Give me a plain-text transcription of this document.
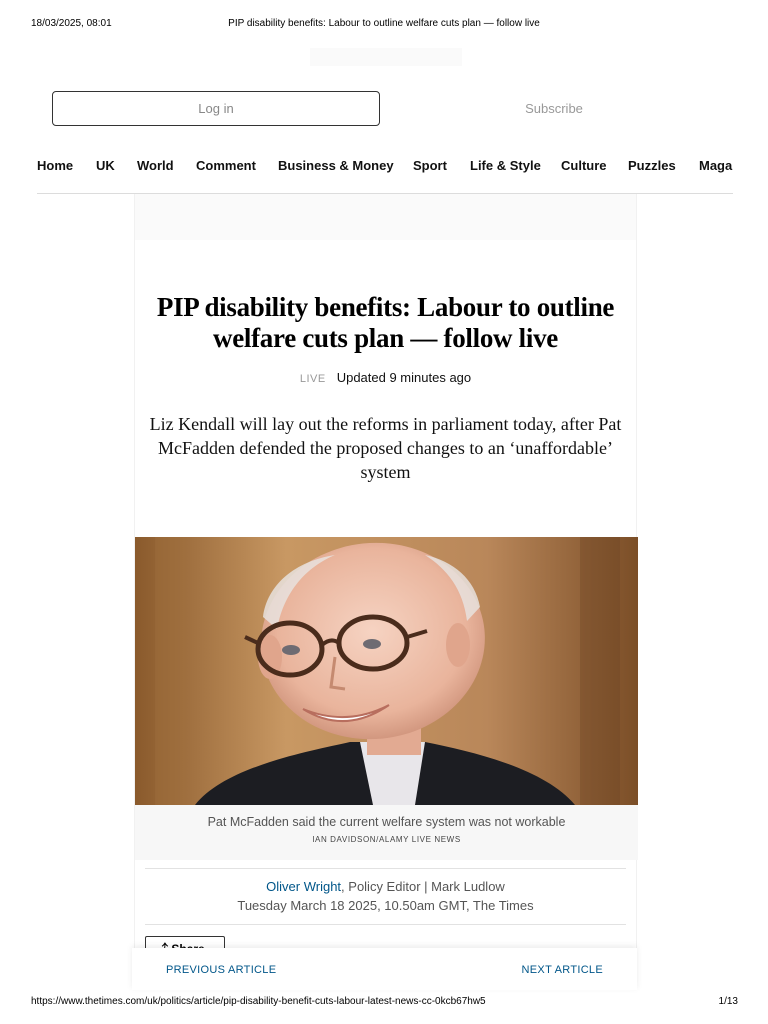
18/03/2025, 08:01	PIP disability benefits: Labour to outline welfare cuts plan — follow live
Log in	Subscribe
Home UK World Comment Business & Money Sport Life & Style Culture Puzzles Maga
PIP disability benefits: Labour to outline welfare cuts plan — follow live
LIVE Updated 9 minutes ago

Liz Kendall will lay out the reforms in parliament today, after Pat McFadden defended the proposed changes to an ‘unaffordable’ system

Pat McFadden said the current welfare system was not workable
IAN DAVIDSON/ALAMY LIVE NEWS
Oliver Wright, Policy Editor | Mark Ludlow
Tuesday March 18 2025, 10.50am GMT, The Times
PREVIOUS ARTICLE	NEXT ARTICLE
https://www.thetimes.com/uk/politics/article/pip-disability-benefit-cuts-labour-latest-news-cc-0kcb67hw5	1/13
